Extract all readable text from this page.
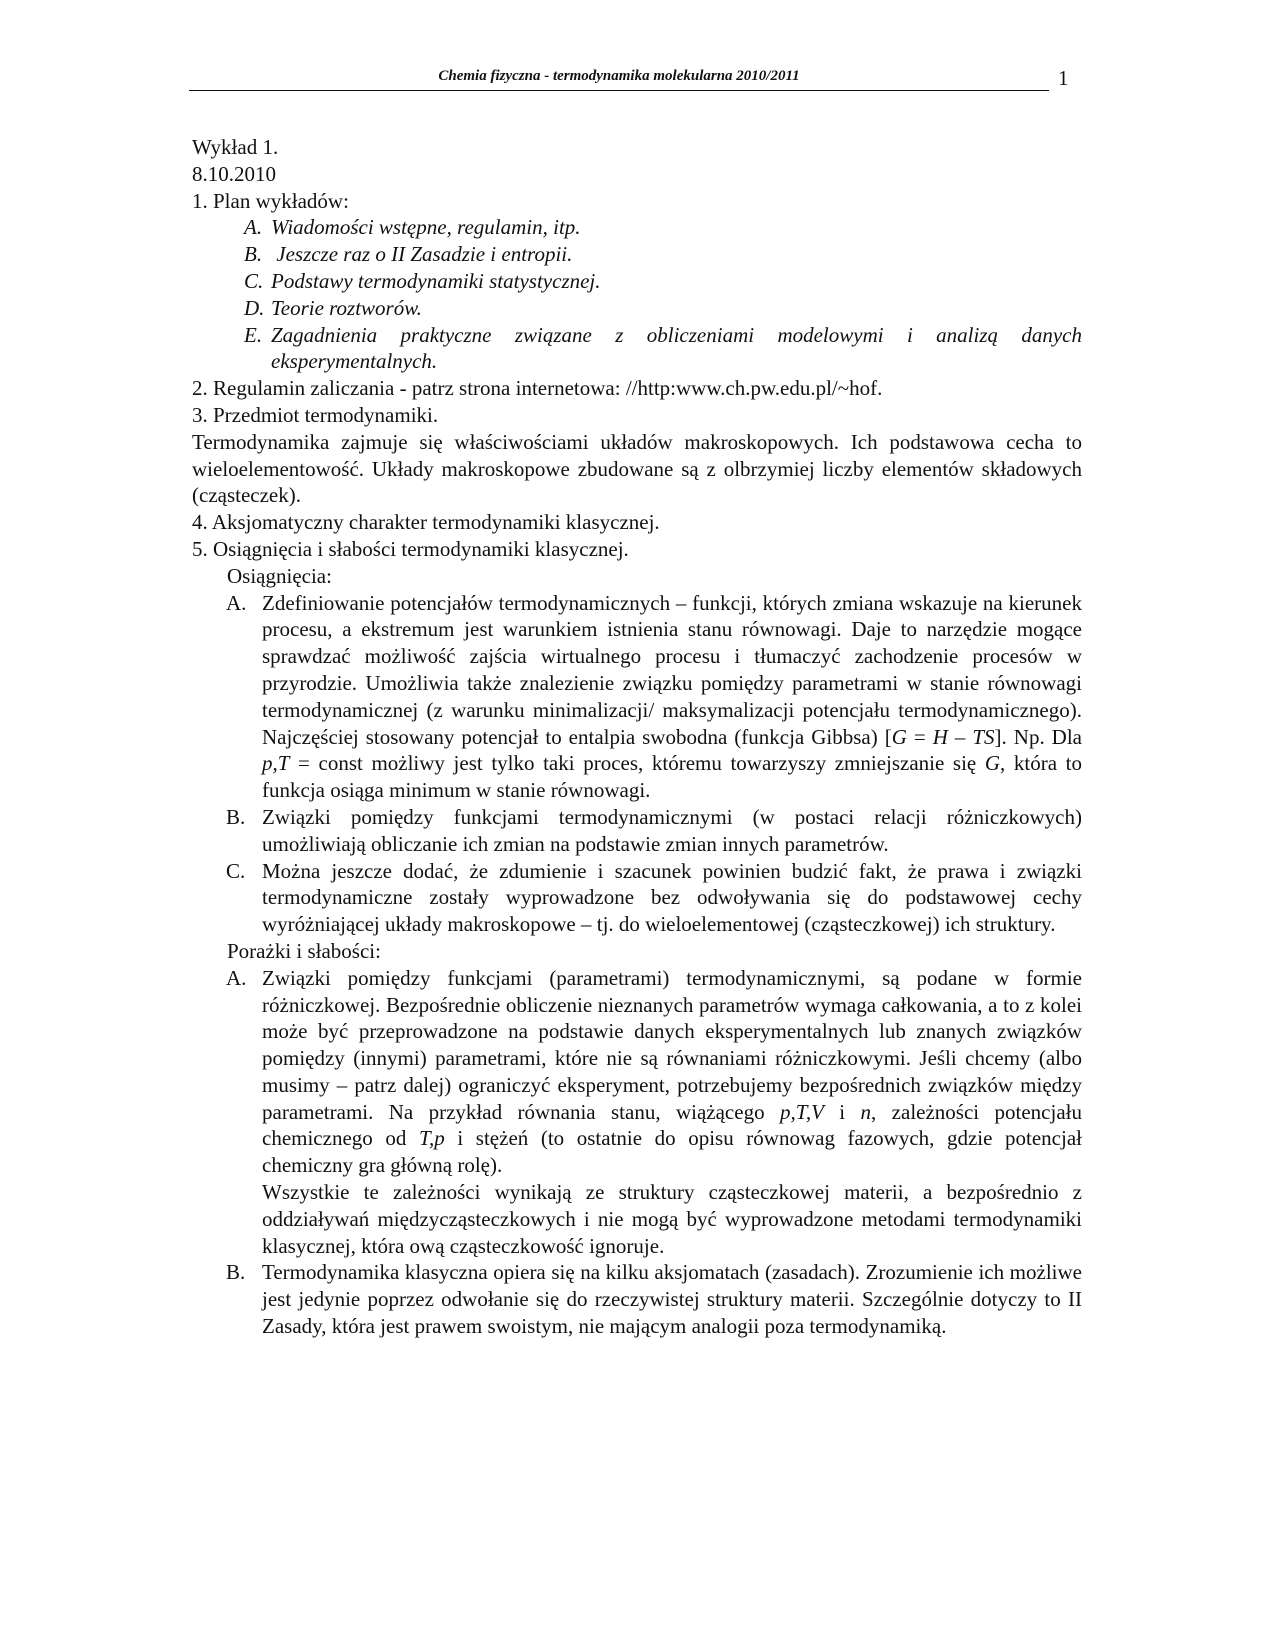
Chemia fizyczna - termodynamika molekularna 2010/2011	1

Wykład 1.

8.10.2010

1. Plan wykładów:

A. Wiadomości wstępne, regulamin, itp.
B. Jeszcze raz o II Zasadzie i entropii.
C. Podstawy termodynamiki statystycznej.
D. Teorie roztworów.
E. Zagadnienia praktyczne związane z obliczeniami modelowymi i analizą danych eksperymentalnych.

2. Regulamin zaliczania - patrz strona internetowa: //http:www.ch.pw.edu.pl/~hof.

3. Przedmiot termodynamiki.

Termodynamika zajmuje się właściwościami układów makroskopowych. Ich podstawowa cecha to wieloelementowość. Układy makroskopowe zbudowane są z olbrzymiej liczby elementów składowych (cząsteczek).

4. Aksjomatyczny charakter termodynamiki klasycznej.

5. Osiągnięcia i słabości termodynamiki klasycznej.

Osiągnięcia:

A. Zdefiniowanie potencjałów termodynamicznych – funkcji, których zmiana wskazuje na kierunek procesu, a ekstremum jest warunkiem istnienia stanu równowagi. Daje to narzędzie mogące sprawdzać możliwość zajścia wirtualnego procesu i tłumaczyć zachodzenie procesów w przyrodzie. Umożliwia także znalezienie związku pomiędzy parametrami w stanie równowagi termodynamicznej (z warunku minimalizacji/ maksymalizacji potencjału termodynamicznego). Najczęściej stosowany potencjał to entalpia swobodna (funkcja Gibbsa) [G = H – TS]. Np. Dla p,T = const możliwy jest tylko taki proces, któremu towarzyszy zmniejszanie się G, która to funkcja osiąga minimum w stanie równowagi.
B. Związki pomiędzy funkcjami termodynamicznymi (w postaci relacji różniczkowych) umożliwiają obliczanie ich zmian na podstawie zmian innych parametrów.
C. Można jeszcze dodać, że zdumienie i szacunek powinien budzić fakt, że prawa i związki termodynamiczne zostały wyprowadzone bez odwoływania się do podstawowej cechy wyróżniającej układy makroskopowe – tj. do wieloelementowej (cząsteczkowej) ich struktury.

Porażki i słabości:

A. Związki pomiędzy funkcjami (parametrami) termodynamicznymi, są podane w formie różniczkowej. Bezpośrednie obliczenie nieznanych parametrów wymaga całkowania, a to z kolei może być przeprowadzone na podstawie danych eksperymentalnych lub znanych związków pomiędzy (innymi) parametrami, które nie są równaniami różniczkowymi. Jeśli chcemy (albo musimy – patrz dalej) ograniczyć eksperyment, potrzebujemy bezpośrednich związków między parametrami. Na przykład równania stanu, wiążącego p,T,V i n, zależności potencjału chemicznego od T,p i stężeń (to ostatnie do opisu równowag fazowych, gdzie potencjał chemiczny gra główną rolę).

Wszystkie te zależności wynikają ze struktury cząsteczkowej materii, a bezpośrednio z oddziaływań międzycząsteczkowych i nie mogą być wyprowadzone metodami termodynamiki klasycznej, która ową cząsteczkowość ignoruje.

B. Termodynamika klasyczna opiera się na kilku aksjomatach (zasadach). Zrozumienie ich możliwe jest jedynie poprzez odwołanie się do rzeczywistej struktury materii. Szczególnie dotyczy to II Zasady, która jest prawem swoistym, nie mającym analogii poza termodynamiką.
